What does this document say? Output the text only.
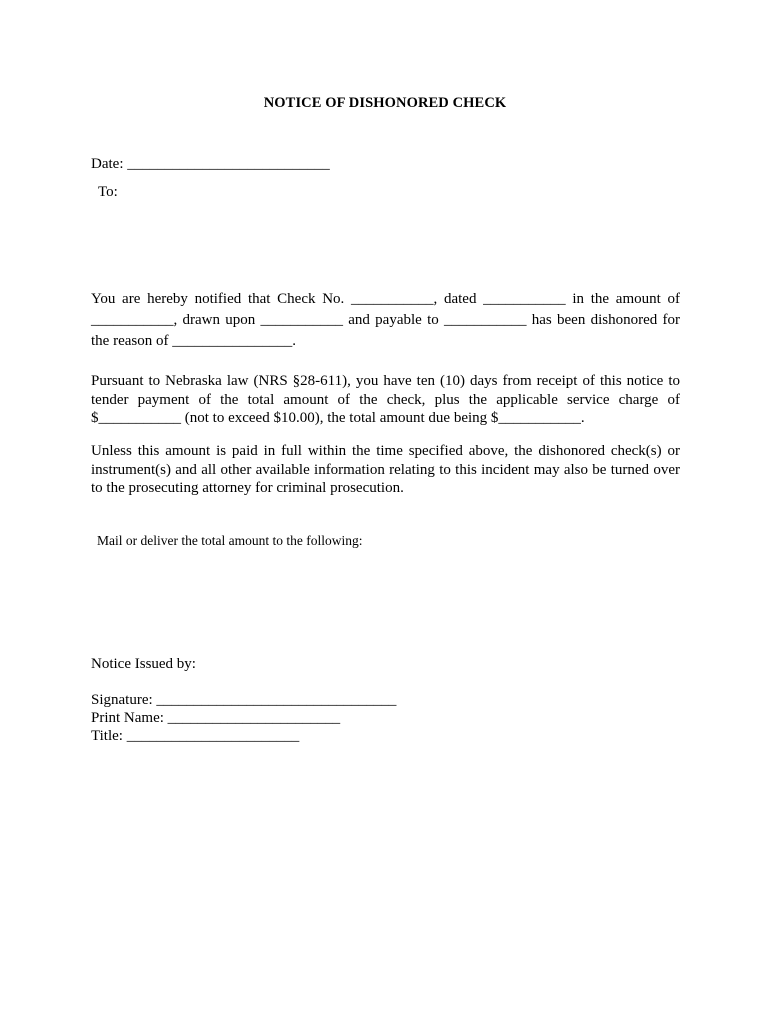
NOTICE OF DISHONORED CHECK
Date: ___________________________
To:
You are hereby notified that Check No. ___________, dated ___________ in the amount of
___________, drawn upon ___________ and payable to ___________ has been dishonored for
the reason of ________________.
Pursuant to Nebraska law (NRS §28-611), you have ten (10) days from receipt of this notice to
tender payment of the total amount of the check, plus the applicable service charge of
$___________ (not to exceed $10.00), the total amount due being $___________.
Unless this amount is paid in full within the time specified above, the dishonored check(s) or
instrument(s) and all other available information relating to this incident may also be turned over
to the prosecuting attorney for criminal prosecution.
Mail or deliver the total amount to the following:
Notice Issued by:
Signature: ________________________________
Print Name: _______________________
Title: _______________________
